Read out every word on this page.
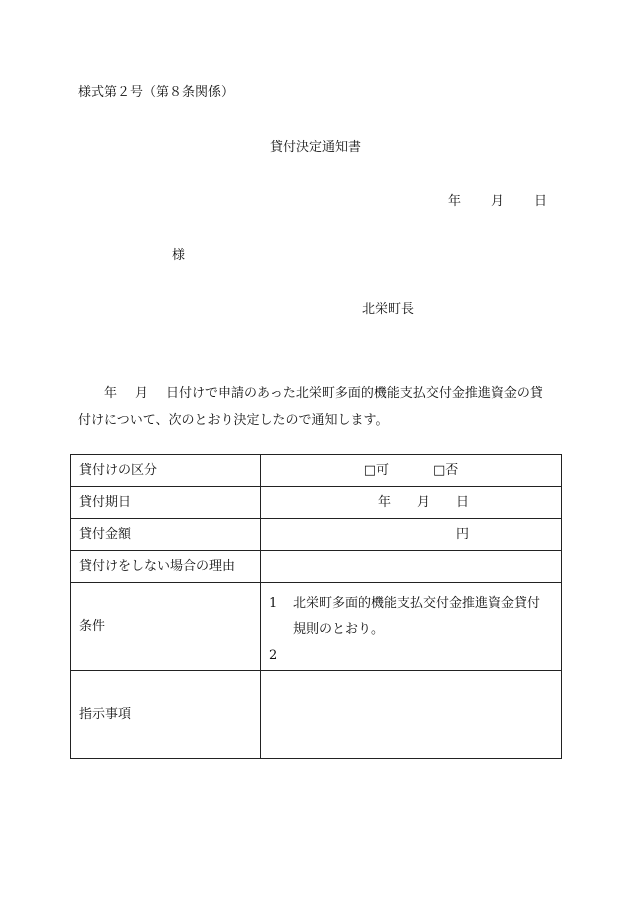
様式第２号（第８条関係）
貸付決定通知書
年 月 日
様
北栄町長
年 月 日付けで申請のあった北栄町多面的機能支払交付金推進資金の貸
付けについて、次のとおり決定したので通知します。
貸付けの区分	□可 □否
貸付期日	年 月 日
貸付金額	円
貸付けをしない場合の理由	
条件	1 北栄町多面的機能支払交付金推進資金貸付
規則のとおり。
2

指示事項	
